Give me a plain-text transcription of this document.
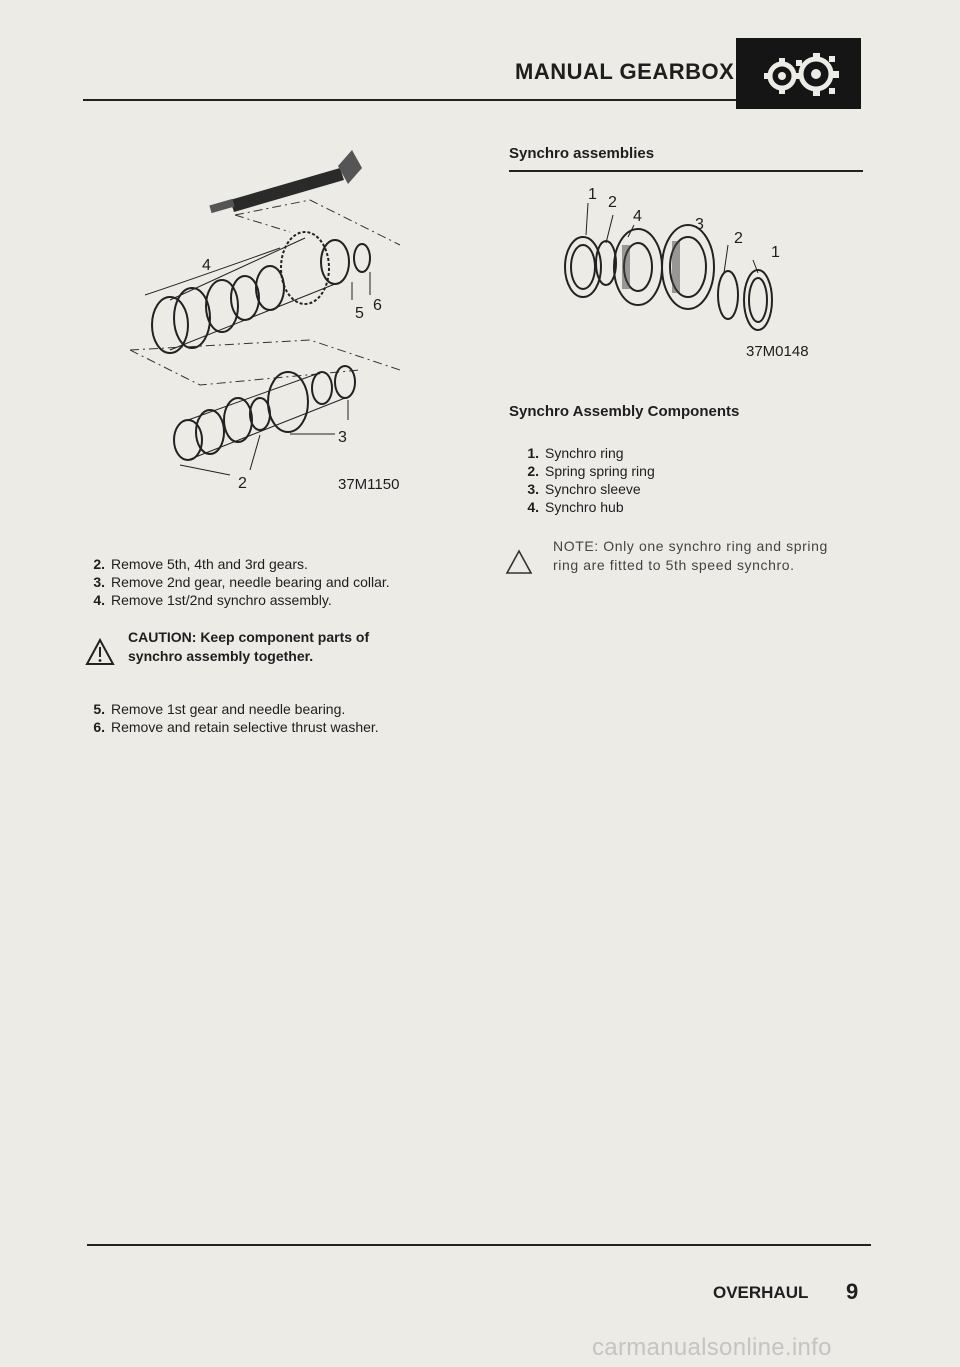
MANUAL GEARBOX
4
5 6
3
2	37M1150
2. Remove 5th, 4th and 3rd gears.
3. Remove 2nd gear, needle bearing and collar.
4. Remove 1st/2nd synchro assembly.
CAUTION: Keep component parts of
synchro assembly together.
5. Remove 1st gear and needle bearing.
6. Remove and retain selective thrust washer.
Synchro assemblies
1 2
4	3
2
1
37M0148
Synchro Assembly Components
1. Synchro ring
2. Spring spring ring
3. Synchro sleeve
4. Synchro hub
NOTE: Only one synchro ring and spring
ring are fitted to 5th speed synchro.
OVERHAUL 9
carmanualsonline.info
